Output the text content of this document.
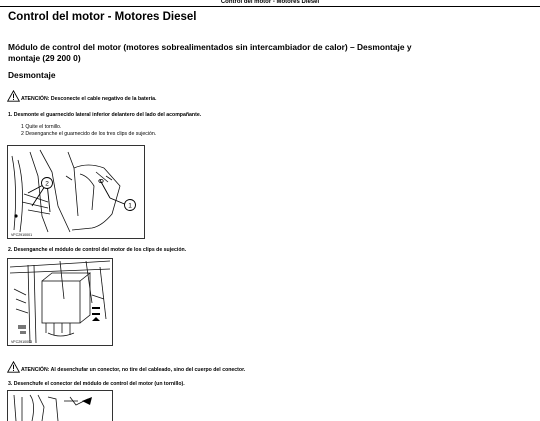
Control del motor - Motores Diesel
Control del motor - Motores Diesel
Módulo de control del motor (motores sobrealimentados sin intercambiador de calor) – Desmontaje y montaje (29 200 0)
Desmontaje
ATENCIÓN: Desconecte el cable negativo de la batería.
1. Desmonte el guarnecido lateral inferior delantero del lado del acompañante.
1 Quite el tornillo.
2 Desenganche el guarnecido de los tres clips de sujeción.
2
1
VFC2910001
2. Desenganche el módulo de control del motor de los clips de sujeción.
VFC2910003
ATENCIÓN: Al desenchufar un conector, no tire del cableado, sino del cuerpo del conector.
3. Desenchufe el conector del módulo de control del motor (un tornillo).
